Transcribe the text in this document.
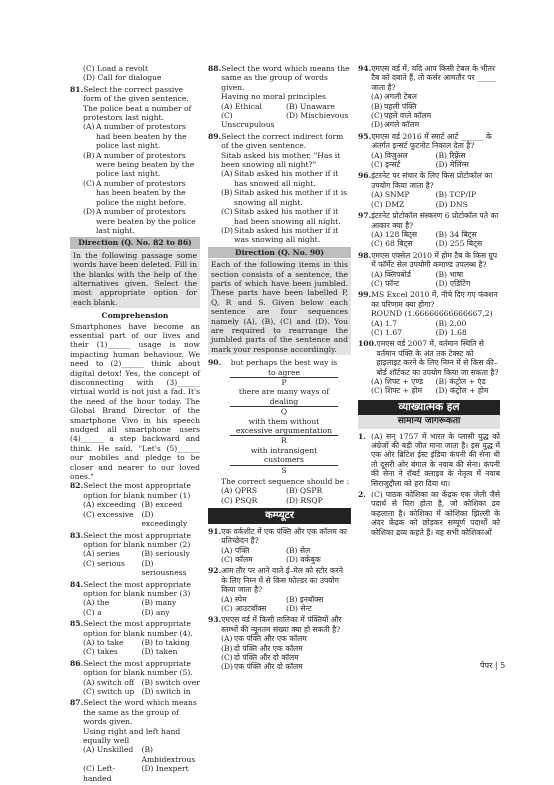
(C) Load a revolt
(D) Call for dialogue
81. Select the correct passive form of the given sentence.
The police beat a number of protestors last night.
(A) A number of protestors had been beaten by the police last night.
(B) A number of protestors were being beaten by the police last night.
(C) A number of protestors has been beaten by the police the night before.
(D) A number of protestors were beaten by the police last night.
Direction (Q. No. 82 to 86)
In the following passage some words have been deleted. Fill in the blanks with the help of the alternatives given. Select the most appropriate option for each blank.
Comprehension
Smartphones have become an essential part of our lives and their (1)______ usage is now impacting human behaviour. We need to (2)______ think about digital detox! Yes, the concept of disconnecting with (3)______ virtual world is not just a fad. It's the need of the hour today. The Global Brand Director of the smartphone Vivo in his speech nudged all smartphone users (4)______ a step backward and think. He said, "Let's (5)______ our mobiles and pledge to be closer and nearer to our loved ones."
82. Select the most appropriate option for blank number (1)
(A) exceeding (B) exceed
(C) excessive	(D) exceedingly
83. Select the most appropriate option for blank number (2)
(A) series	(B) seriously
(C) serious	(D) seriousness
84. Select the most appropriate option for blank number (3)
(A) the	(B) many
(C) a	(D) any
85. Select the most appropriate option for blank number (4).
(A) to take	(B) to taking
(C) takes	(D) taken
86. Select the most appropriate option for blank number (5).
(A) switch off (B) switch over
(C) switch up (D) switch in
87. Select the word which means the same as the group of words given.
Using right and left hand equally well
(A) Unskilled	(B) Ambidextrous
(C) Left-handed
(D) Inexpert
88. Select the word which means the same as the group of words given.
Having no moral principles
(A) Ethical	(B) Unaware
(C) Unscrupulous
(D) Mischievous
89. Select the correct indirect form of the given sentence.
Sitab asked his mother, "Has it been snowing all night?"
(A) Sitab asked his mother if it has snowed all night.
(B) Sitab asked his mother if it is snowing all night.
(C) Sitab asked his mother if it had been snowing all night.
(D) Sitab asked his mother if it was snowing all night.
Direction (Q. No. 90)
Each of the following items in this section consists of a sentence, the parts of which have been jumbled. These parts have been labelled P, Q, R and S. Given below each sentence are four sequences namely (A), (B), (C) and (D). You are required to rearrange the jumbled parts of the sentence and mark your response accordingly.
90.	but perhaps the best way is to agree
P
there are many ways of dealing
Q
with them without excessive argumentation
R
with intransigent customers
S
The correct sequence should be :
(A) QPRS	(B) QSPR
(C) PSQR	(D) RSQP
कम्प्यूटर
91. एक वर्कशीट में एक पंक्ति और एक कॉलम का प्रतिच्छेदन है?
(A) पंक्ति	(B) सेल
(C) कॉलम	(D) वर्कबुक
92. आम तौर पर आने वाले ई–मेल को स्टोर करने के लिए निम्न में से किस फोल्डर का उपयोग किया जाता है?
(A) स्पेम	(B) इनबॉक्स
(C) आउटबॉक्स	(D) सेन्ट
93. एमएस वर्ड में किसी तालिका में पंक्तियों और स्तम्भों की न्यूनतम संख्या क्या हो सकती है?
(A) एक पंक्ति और एक कॉलम
(B) दो पंक्ति और एक कॉलम
(C) दो पंक्ति और दो कॉलम
(D) एक पंक्ति और दो कॉलम
94. एमएस वर्ड में, यदि आप किसी टेबल के भीतर टैब को दबाते हैं, तो कर्सर आमतौर पर _____ जाता है?
(A) अगली टेबल
(B) पहली पंक्ति
(C) पहले वाले कॉलम
(D) अगले कॉलम
95. एमएस वर्ड 2016 में स्मार्ट आर्ट ______ के अंतर्गत इन्सर्ट फ़ुटनोट निकाल देता है?
(A) विज़ुअल	(B) रिफ़्रेंस
(C) इन्सर्ट	(D) मेलिंग्स
96. इंटरनेट पर संचार के लिए किस प्रोटोकॉल का उपयोग किया जाता है?
(A) SNMP	(B) TCP/IP
(C) DMZ	(D) DNS
97. इंटरनेट प्रोटोकॉल संस्करण 6 प्रोटोकॉल पते का आकार क्या है?
(A) 128 बिट्स	(B) 34 बिट्स
(C) 68 बिट्स	(D) 255 बिट्स
98. एमएस एक्सेल 2010 में होम टैब के किस ग्रुप में फॉर्मेट सेल उपयोगी कमाण्ड उपलब्ध है?
(A) क्लिपबोर्ड	(B) भाषा
(C) फॉन्ट	(D) एडिटिंग
99. MS Excel 2010 में, नीचे दिए गए फंक्शन का परिणाम क्या होगा?
ROUND (1.66666666666667,2)
(A) 1.7	(B) 2.00
(C) 1.67	(D) 1.68
100. एमएस वर्ड 2007 में, वर्तमान स्थिति से वर्तमान पंक्ति के अंत तक टेक्स्ट को हाइलाइट करने के लिए निम्न में से किस की–बोर्ड शॉर्टकट का उपयोग किया जा सकता है?
(A) शिफ्ट + एण्ड	(B) कंट्रोल + एंड
(C) शिफ्ट + होम	(D) कंट्रोल + होम
व्याख्यात्मक हल
सामान्य जागरूकता
1. (A) सन् 1757 में भारत के प्लासी युद्ध को अंग्रेजों की बड़ी जीत माना जाता है। इस युद्ध में एक ओर ब्रिटिश ईस्ट इंडिया कंपनी की सेना थी तो दूसरी ओर बंगाल के नवाब की सेना। कंपनी की सेना ने रॉबर्ट क्लाइव के नेतृत्व में नवाब सिराजुद्दौला को हरा दिया था।
2. (C) पाठक कोशिका का केंद्रक एक जेली जैसे पदार्थ से घिरा होता है, जो कोशिका द्रव कहलाता है। कोशिका में कोशिका झिल्ली के अंदर केंद्रक को छोड़कर सम्पूर्ण पदार्थों को कोशिका द्रव्य कहते हैं। यह सभी कोशिकाओं
पेपर | 5
